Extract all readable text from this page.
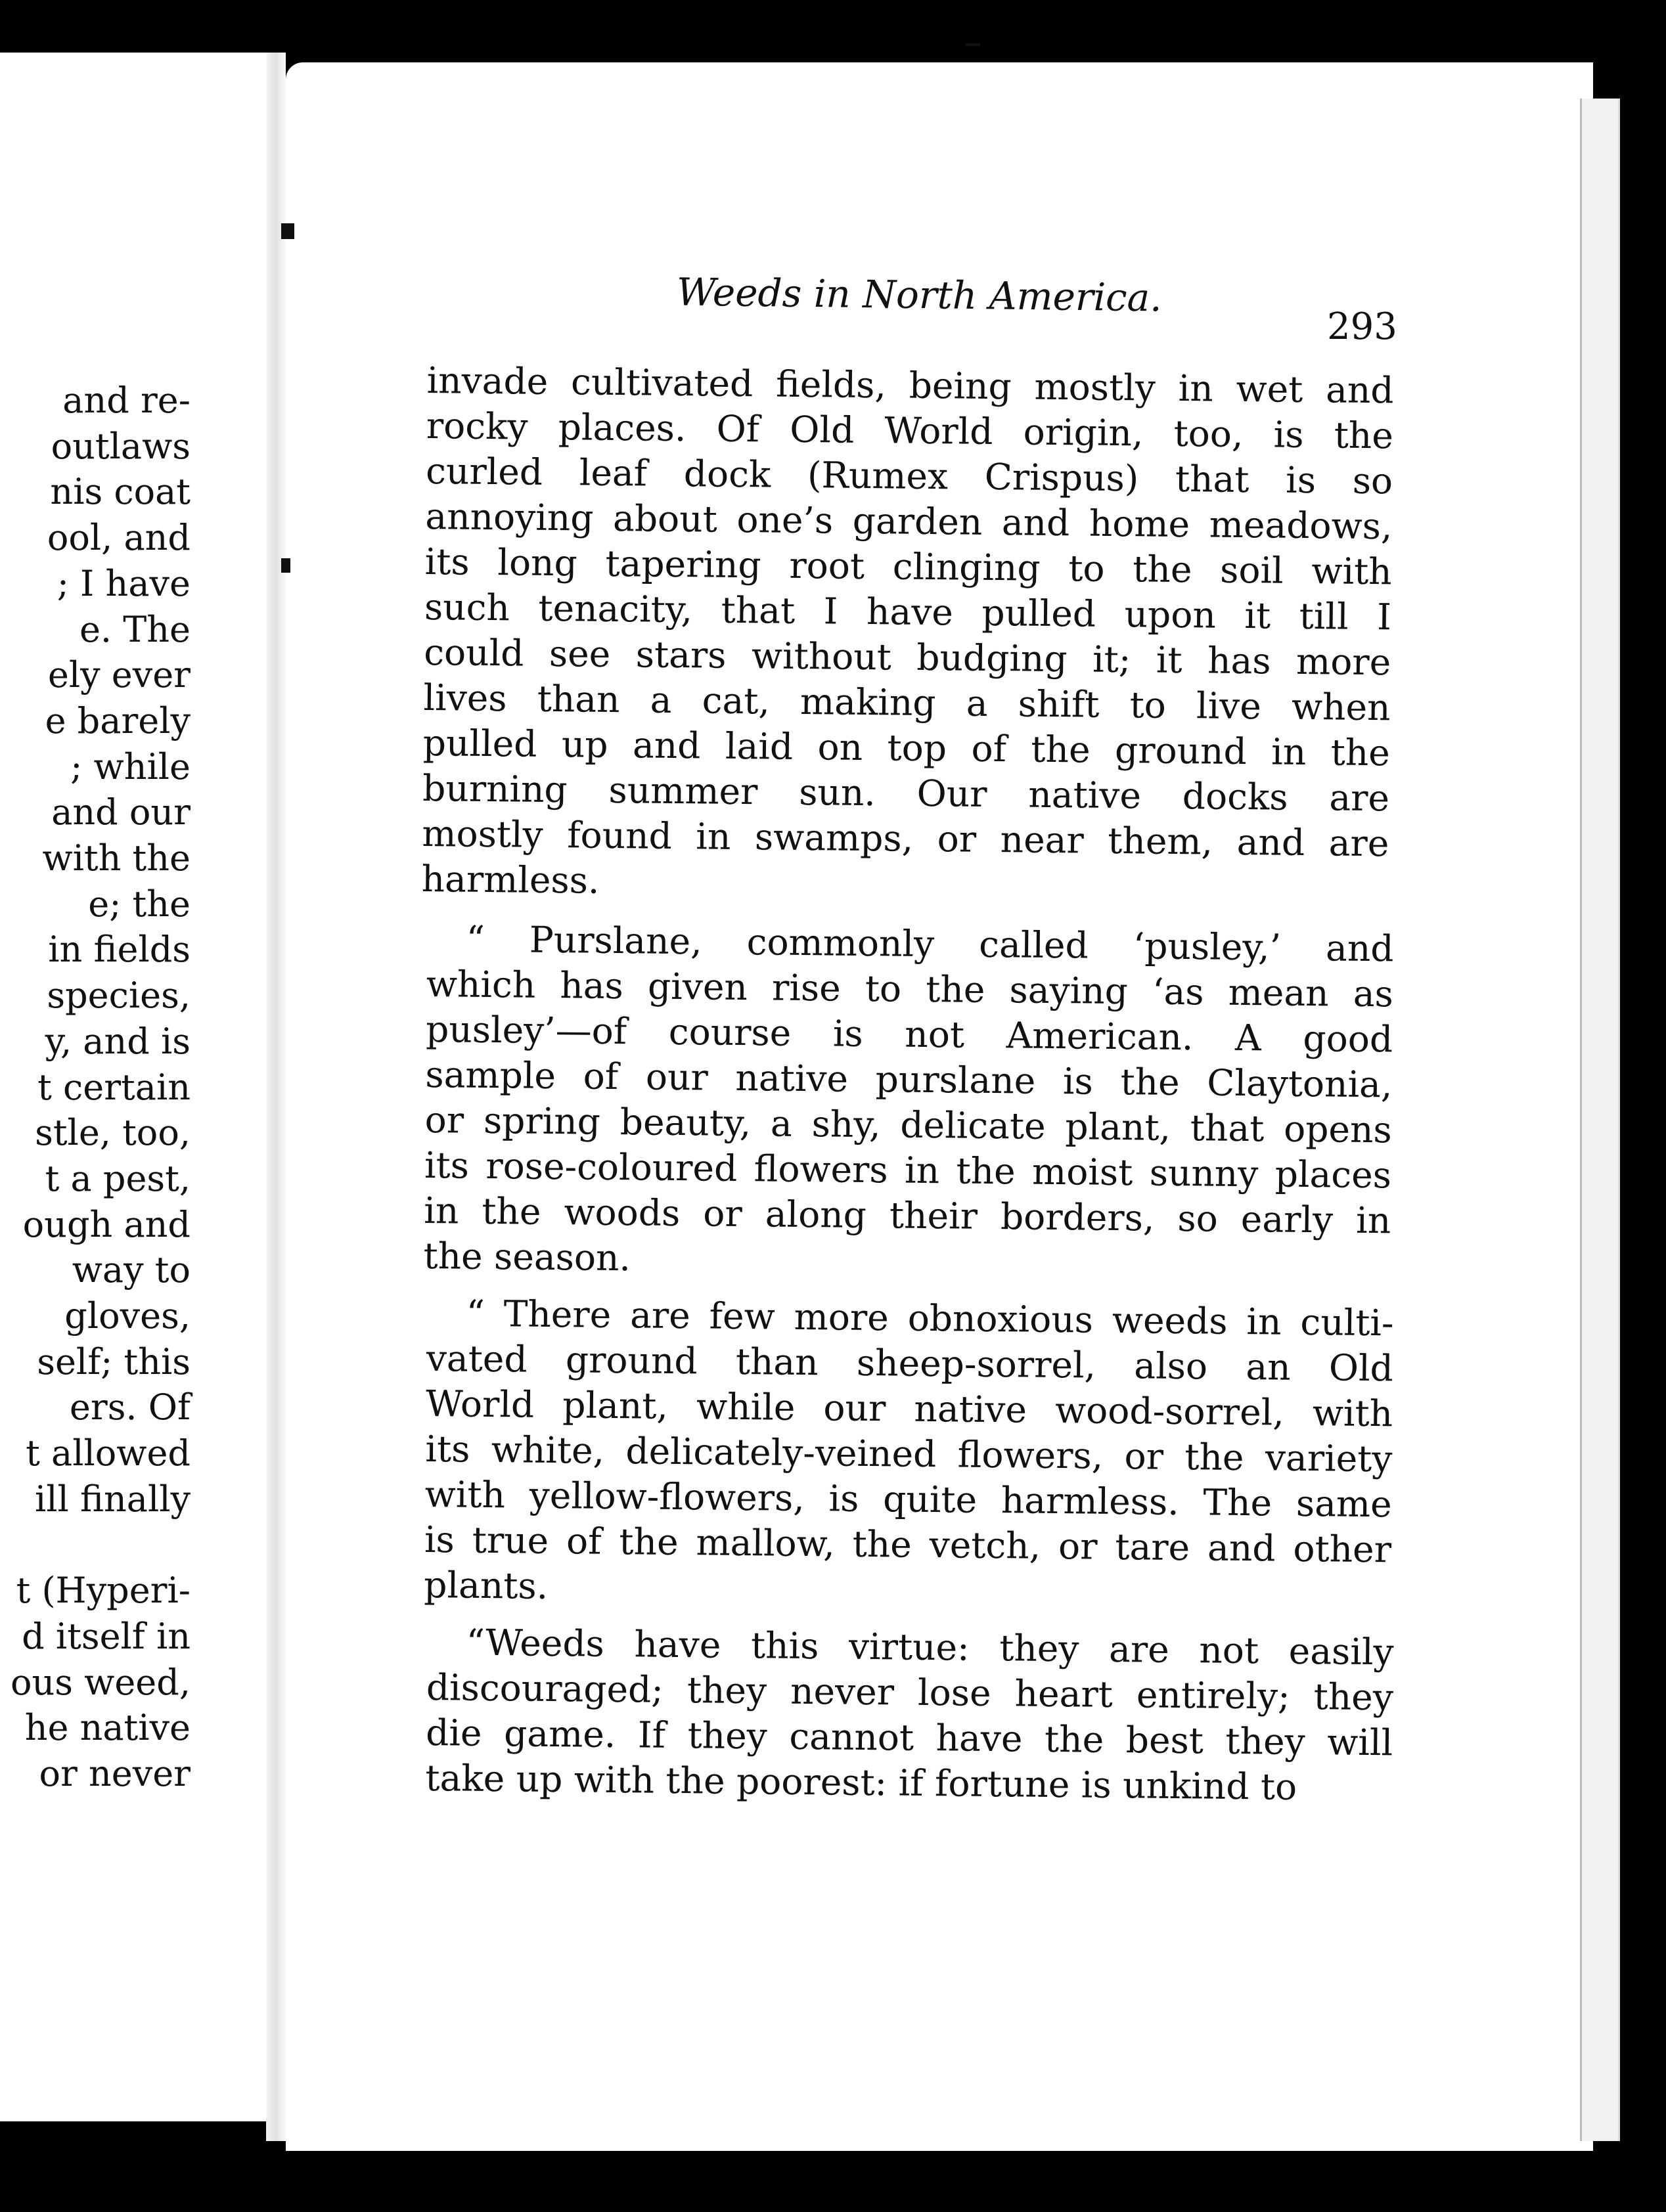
and re-
outlaws
nis coat
ool, and
; I have
e. The
ely ever
e barely
; while
and our
with the
e; the
in fields
species,
y, and is
t certain
stle, too,
t a pest,
ough and
way to
gloves,
self; this
ers. Of
t allowed
ill finally
t (Hyperi-
d itself in
ous weed,
he native
or never
Weeds in North America.
293
invade cultivated fields, being mostly in wet and
rocky places. Of Old World origin, too, is the
curled leaf dock (Rumex Crispus) that is so
annoying about one’s garden and home meadows,
its long tapering root clinging to the soil with
such tenacity, that I have pulled upon it till I
could see stars without budging it; it has more
lives than a cat, making a shift to live when
pulled up and laid on top of the ground in the
burning summer sun. Our native docks are
mostly found in swamps, or near them, and are
harmless.
“ Purslane, commonly called ‘pusley,’ and
which has given rise to the saying ‘as mean as
pusley’—of course is not American. A good
sample of our native purslane is the Claytonia,
or spring beauty, a shy, delicate plant, that opens
its rose-coloured flowers in the moist sunny places
in the woods or along their borders, so early in
the season.
“ There are few more obnoxious weeds in culti-
vated ground than sheep-sorrel, also an Old
World plant, while our native wood-sorrel, with
its white, delicately-veined flowers, or the variety
with yellow-flowers, is quite harmless. The same
is true of the mallow, the vetch, or tare and other
plants.
“Weeds have this virtue: they are not easily
discouraged; they never lose heart entirely; they
die game. If they cannot have the best they will
take up with the poorest: if fortune is unkind to
